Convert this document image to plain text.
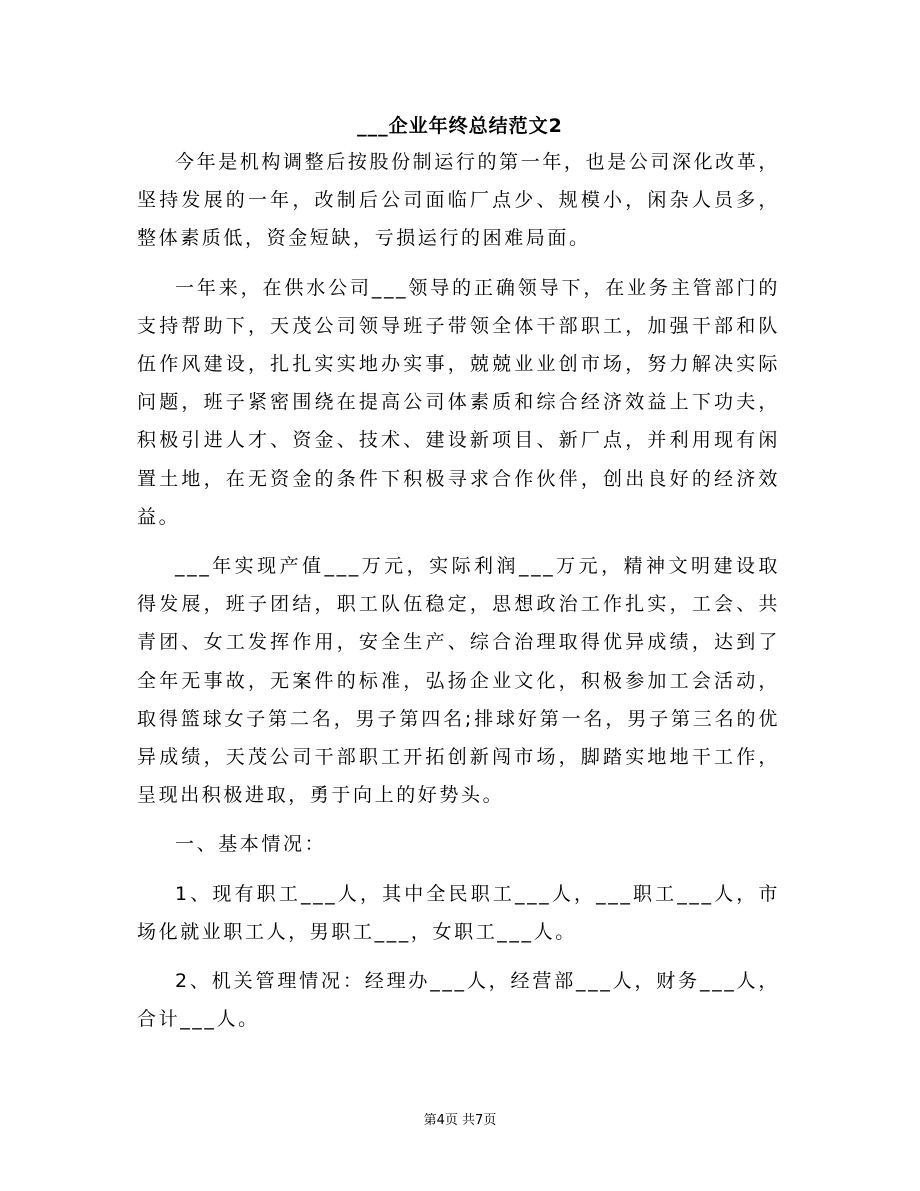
___企业年终总结范文2

今年是机构调整后按股份制运行的第一年，也是公司深化改革，坚持发展的一年，改制后公司面临厂点少、规模小，闲杂人员多，整体素质低，资金短缺，亏损运行的困难局面。

一年来，在供水公司___领导的正确领导下，在业务主管部门的支持帮助下，天茂公司领导班子带领全体干部职工，加强干部和队伍作风建设，扎扎实实地办实事，兢兢业业创市场，努力解决实际问题，班子紧密围绕在提高公司体素质和综合经济效益上下功夫，积极引进人才、资金、技术、建设新项目、新厂点，并利用现有闲置土地，在无资金的条件下积极寻求合作伙伴，创出良好的经济效益。

___年实现产值___万元，实际利润___万元，精神文明建设取得发展，班子团结，职工队伍稳定，思想政治工作扎实，工会、共青团、女工发挥作用，安全生产、综合治理取得优异成绩，达到了全年无事故，无案件的标准，弘扬企业文化，积极参加工会活动，取得篮球女子第二名，男子第四名;排球好第一名，男子第三名的优异成绩，天茂公司干部职工开拓创新闯市场，脚踏实地地干工作，呈现出积极进取，勇于向上的好势头。

一、基本情况：

1、现有职工___人，其中全民职工___人，___职工___人，市场化就业职工人，男职工___，女职工___人。

2、机关管理情况：经理办___人，经营部___人，财务___人，合计___人。

第4页 共7页
